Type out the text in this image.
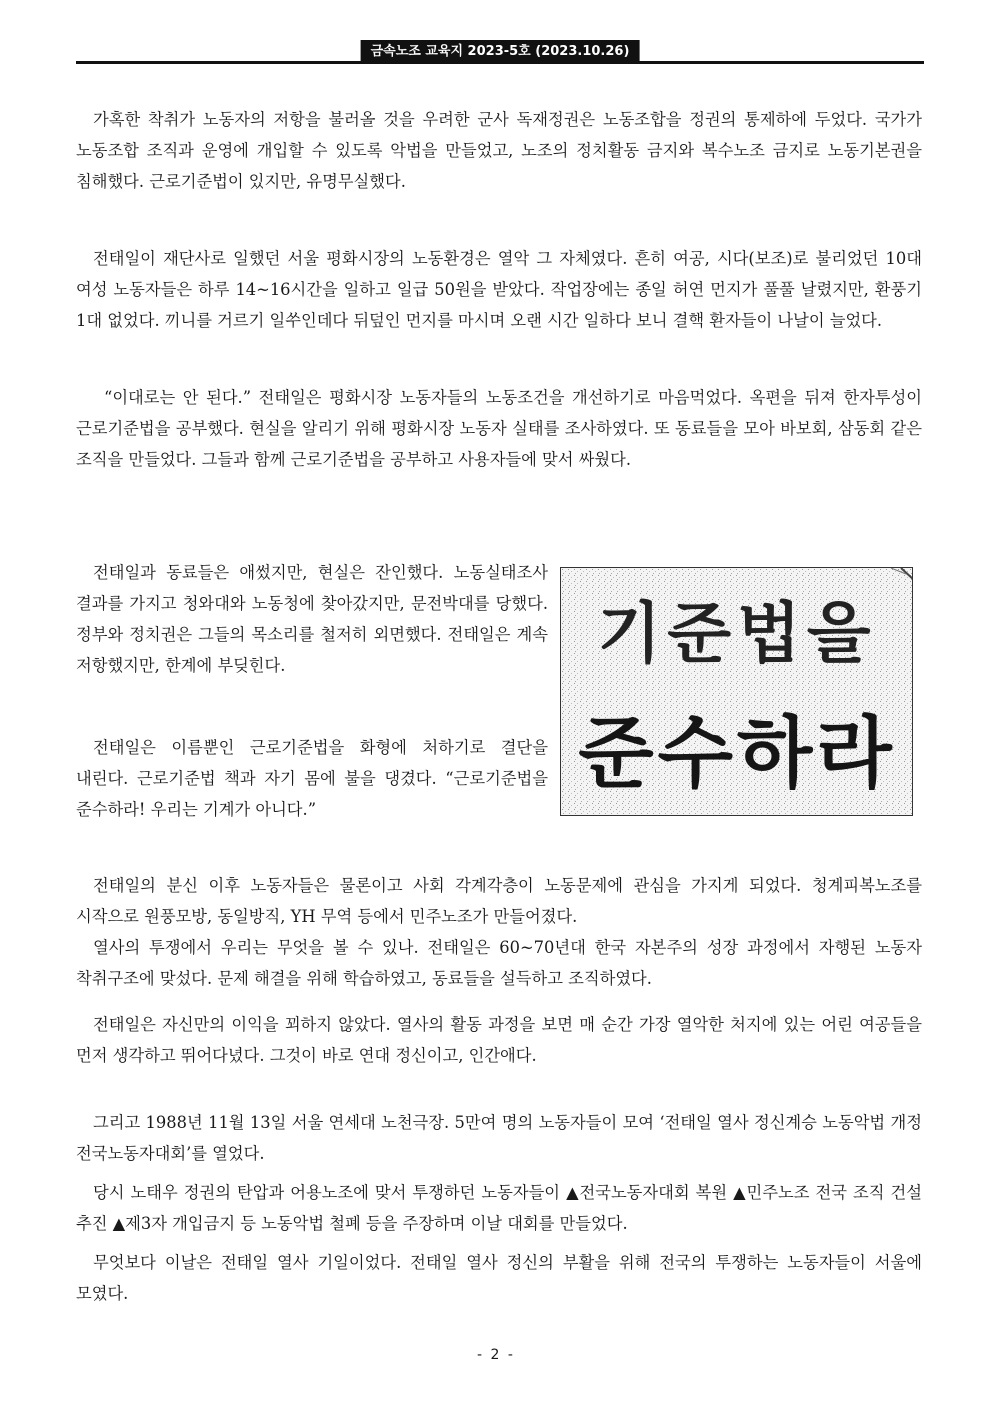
금속노조 교육지 2023-5호 (2023.10.26)

가혹한 착취가 노동자의 저항을 불러올 것을 우려한 군사 독재정권은 노동조합을 정권의 통제하에 두었다. 국가가 노동조합 조직과 운영에 개입할 수 있도록 악법을 만들었고, 노조의 정치활동 금지와 복수노조 금지로 노동기본권을 침해했다. 근로기준법이 있지만, 유명무실했다.

전태일이 재단사로 일했던 서울 평화시장의 노동환경은 열악 그 자체였다. 흔히 여공, 시다(보조)로 불리었던 10대 여성 노동자들은 하루 14~16시간을 일하고 일급 50원을 받았다. 작업장에는 종일 허연 먼지가 풀풀 날렸지만, 환풍기 1대 없었다. 끼니를 거르기 일쑤인데다 뒤덮인 먼지를 마시며 오랜 시간 일하다 보니 결핵 환자들이 나날이 늘었다.

“이대로는 안 된다.” 전태일은 평화시장 노동자들의 노동조건을 개선하기로 마음먹었다. 옥편을 뒤져 한자투성이 근로기준법을 공부했다. 현실을 알리기 위해 평화시장 노동자 실태를 조사하였다. 또 동료들을 모아 바보회, 삼동회 같은 조직을 만들었다. 그들과 함께 근로기준법을 공부하고 사용자들에 맞서 싸웠다.

전태일과 동료들은 애썼지만, 현실은 잔인했다. 노동실태조사 결과를 가지고 청와대와 노동청에 찾아갔지만, 문전박대를 당했다. 정부와 정치권은 그들의 목소리를 철저히 외면했다. 전태일은 계속 저항했지만, 한계에 부딪힌다.

전태일은 이름뿐인 근로기준법을 화형에 처하기로 결단을 내린다. 근로기준법 책과 자기 몸에 불을 댕겼다. “근로기준법을 준수하라! 우리는 기계가 아니다.”

기준법을
준수하라

전태일의 분신 이후 노동자들은 물론이고 사회 각계각층이 노동문제에 관심을 가지게 되었다. 청계피복노조를 시작으로 원풍모방, 동일방직, YH 무역 등에서 민주노조가 만들어졌다.

열사의 투쟁에서 우리는 무엇을 볼 수 있나. 전태일은 60~70년대 한국 자본주의 성장 과정에서 자행된 노동자 착취구조에 맞섰다. 문제 해결을 위해 학습하였고, 동료들을 설득하고 조직하였다.

전태일은 자신만의 이익을 꾀하지 않았다. 열사의 활동 과정을 보면 매 순간 가장 열악한 처지에 있는 어린 여공들을 먼저 생각하고 뛰어다녔다. 그것이 바로 연대 정신이고, 인간애다.

그리고 1988년 11월 13일 서울 연세대 노천극장. 5만여 명의 노동자들이 모여 ‘전태일 열사 정신계승 노동악법 개정 전국노동자대회’를 열었다.

당시 노태우 정권의 탄압과 어용노조에 맞서 투쟁하던 노동자들이 ▲전국노동자대회 복원 ▲민주노조 전국 조직 건설 추진 ▲제3자 개입금지 등 노동악법 철폐 등을 주장하며 이날 대회를 만들었다.

무엇보다 이날은 전태일 열사 기일이었다. 전태일 열사 정신의 부활을 위해 전국의 투쟁하는 노동자들이 서울에 모였다.

- 2 -
